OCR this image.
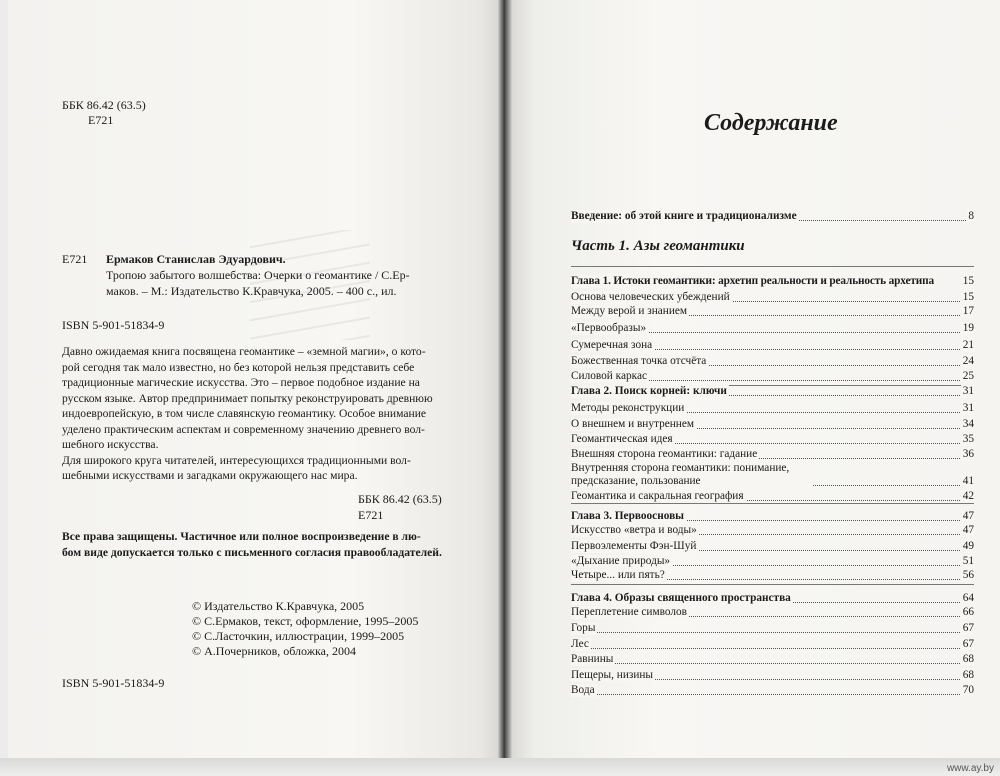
ББК 86.42 (63.5)
Е721
Е721 Ермаков Станислав Эдуардович.
Тропою забытого волшебства: Очерки о геомантике / С.Ер-
маков. – М.: Издательство К.Кравчука, 2005. – 400 с., ил.
ISBN 5-901-51834-9
Давно ожидаемая книга посвящена геомантике – «земной магии», о кото-
рой сегодня так мало известно, но без которой нельзя представить себе
традиционные магические искусства. Это – первое подобное издание на
русском языке. Автор предпринимает попытку реконструировать древнюю
индоевропейскую, в том числе славянскую геомантику. Особое внимание
уделено практическим аспектам и современному значению древнего вол-
шебного искусства.
Для широкого круга читателей, интересующихся традиционными вол-
шебными искусствами и загадками окружающего нас мира.
ББК 86.42 (63.5)
Е721
Все права защищены. Частичное или полное воспроизведение в лю-
бом виде допускается только с письменного согласия правообладателей.
© Издательство К.Кравчука, 2005
© С.Ермаков, текст, оформление, 1995–2005
© С.Ласточкин, иллюстрации, 1999–2005
© А.Почерников, обложка, 2004
ISBN 5-901-51834-9
Содержание
Введение: об этой книге и традиционализме	8
Часть 1. Азы геомантики
Глава 1. Истоки геомантики: архетип реальности и реальность архетипа	15
Основа человеческих убеждений	15
Между верой и знанием	17
«Первообразы»	19
Сумеречная зона	21
Божественная точка отсчёта	24
Силовой каркас	25
Глава 2. Поиск корней: ключи	31
Методы реконструкции	31
О внешнем и внутреннем	34
Геомантическая идея	35
Внешняя сторона геомантики: гадание	36
Внутренняя сторона геомантики: понимание, предсказание, пользование	41
Геомантика и сакральная география	42
Глава 3. Первоосновы	47
Искусство «ветра и воды»	47
Первоэлементы Фэн-Шуй	49
«Дыхание природы»	51
Четыре... или пять?	56
Глава 4. Образы священного пространства	64
Переплетение символов	66
Горы	67
Лес	67
Равнины	68
Пещеры, низины	68
Вода	70
www.ay.by
